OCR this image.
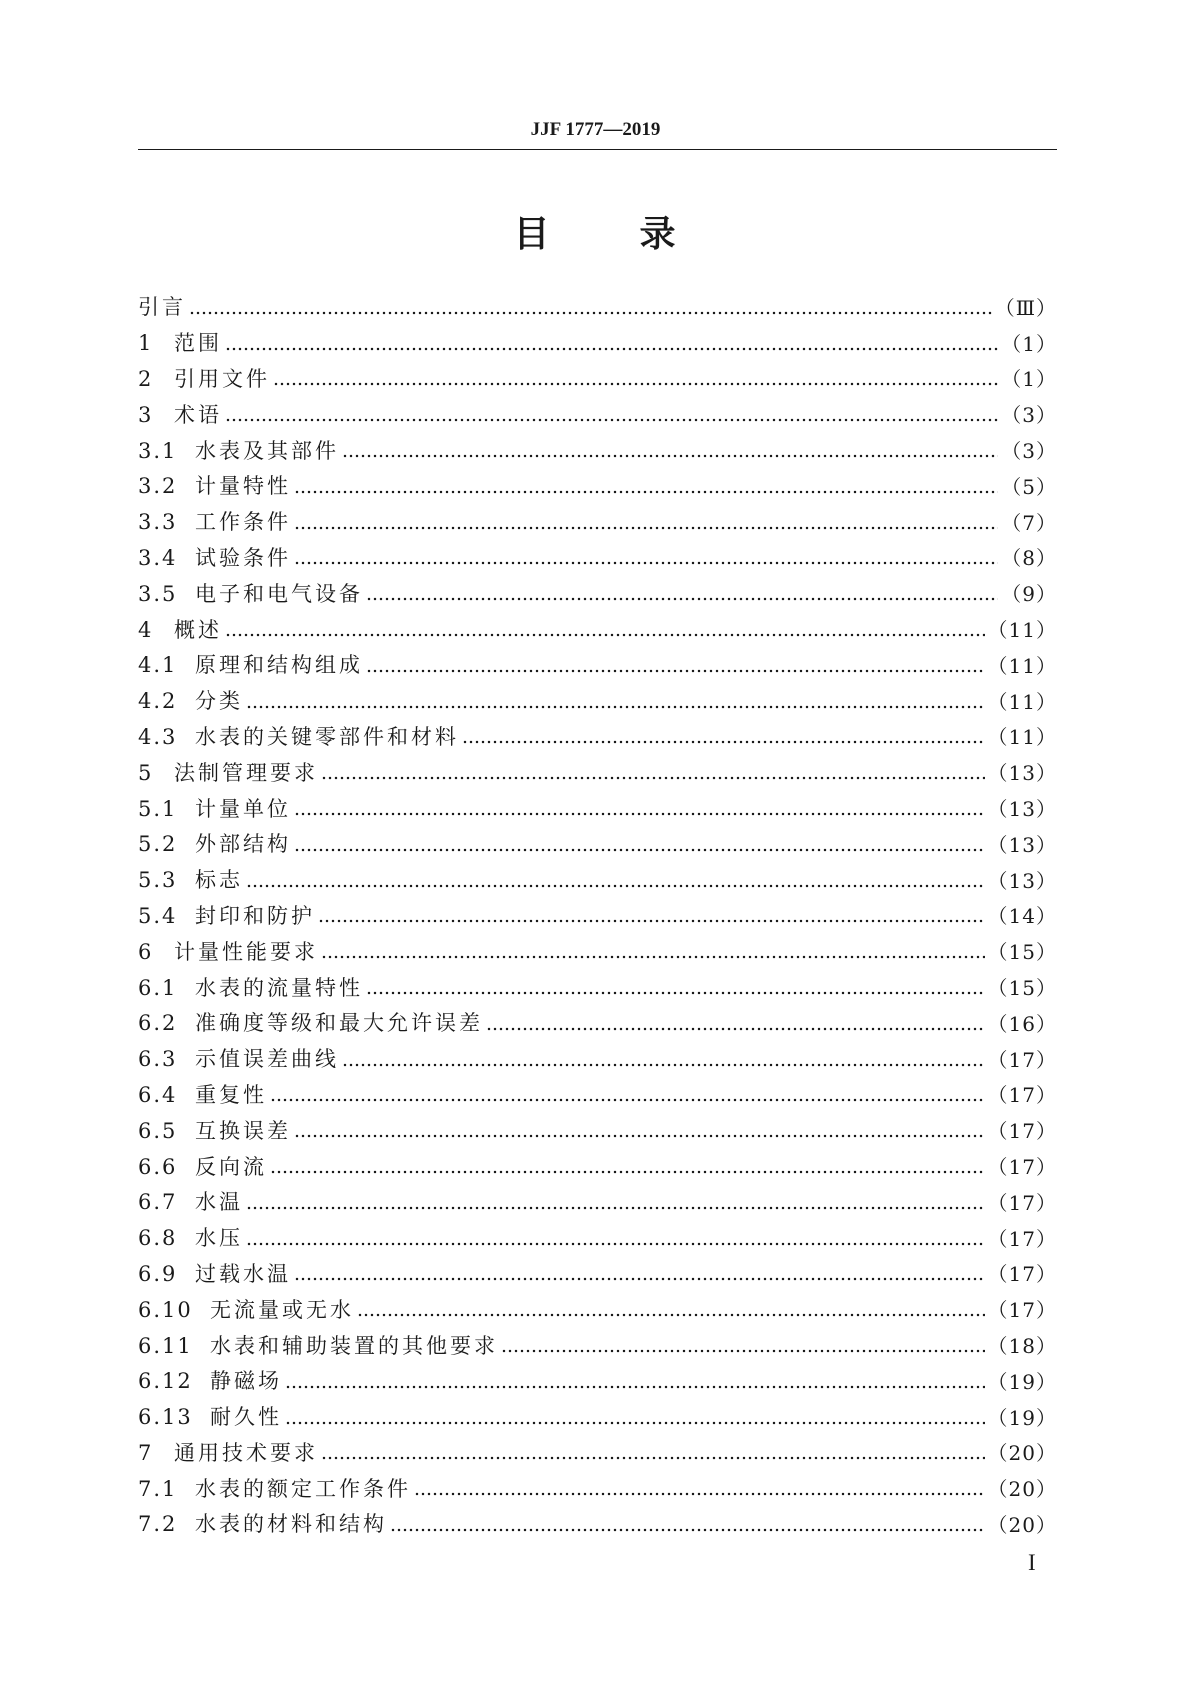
JJF 1777—2019
目 录
引言	（Ⅲ）
1 范围	（1）
2 引用文件	（1）
3 术语	（3）
3.1 水表及其部件	（3）
3.2 计量特性	（5）
3.3 工作条件	（7）
3.4 试验条件	（8）
3.5 电子和电气设备	（9）
4 概述	（11）
4.1 原理和结构组成	（11）
4.2 分类	（11）
4.3 水表的关键零部件和材料	（11）
5 法制管理要求	（13）
5.1 计量单位	（13）
5.2 外部结构	（13）
5.3 标志	（13）
5.4 封印和防护	（14）
6 计量性能要求	（15）
6.1 水表的流量特性	（15）
6.2 准确度等级和最大允许误差	（16）
6.3 示值误差曲线	（17）
6.4 重复性	（17）
6.5 互换误差	（17）
6.6 反向流	（17）
6.7 水温	（17）
6.8 水压	（17）
6.9 过载水温	（17）
6.10 无流量或无水	（17）
6.11 水表和辅助装置的其他要求	（18）
6.12 静磁场	（19）
6.13 耐久性	（19）
7 通用技术要求	（20）
7.1 水表的额定工作条件	（20）
7.2 水表的材料和结构	（20）
I
